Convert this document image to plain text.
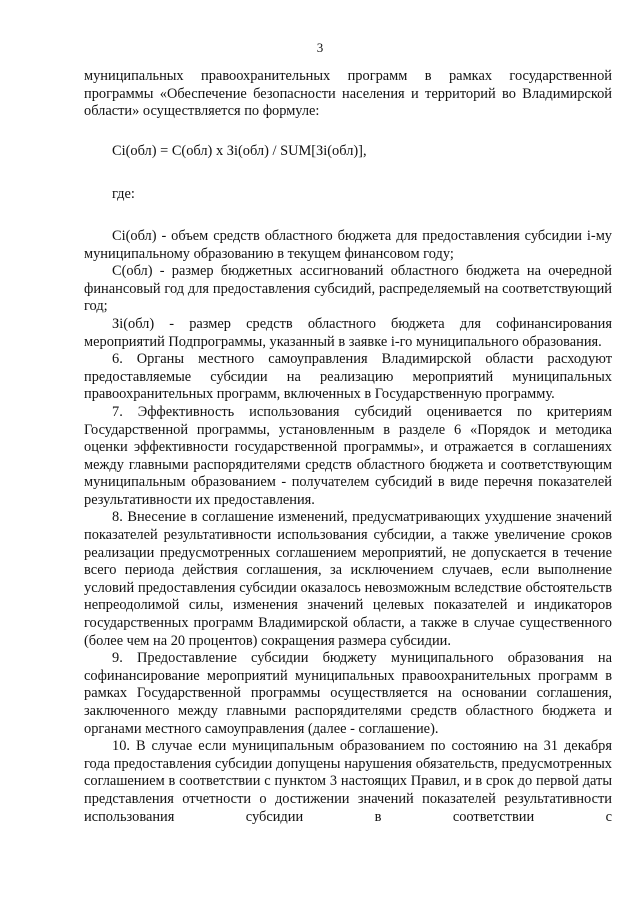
3

муниципальных правоохранительных программ в рамках государственной программы «Обеспечение безопасности населения и территорий во Владимирской области» осуществляется по формуле:

Ci(обл) = C(обл) x Зi(обл) / SUM[Зi(обл)],

где:

Ci(обл) - объем средств областного бюджета для предоставления субсидии i-му муниципальному образованию в текущем финансовом году;

C(обл) - размер бюджетных ассигнований областного бюджета на очередной финансовый год для предоставления субсидий, распределяемый на соответствующий год;

Зi(обл) - размер средств областного бюджета для софинансирования мероприятий Подпрограммы, указанный в заявке i-го муниципального образования.

6. Органы местного самоуправления Владимирской области расходуют предоставляемые субсидии на реализацию мероприятий муниципальных правоохранительных программ, включенных в Государственную программу.

7. Эффективность использования субсидий оценивается по критериям Государственной программы, установленным в разделе 6 «Порядок и методика оценки эффективности государственной программы», и отражается в соглашениях между главными распорядителями средств областного бюджета и соответствующим муниципальным образованием - получателем субсидий в виде перечня показателей результативности их предоставления.

8. Внесение в соглашение изменений, предусматривающих ухудшение значений показателей результативности использования субсидии, а также увеличение сроков реализации предусмотренных соглашением мероприятий, не допускается в течение всего периода действия соглашения, за исключением случаев, если выполнение условий предоставления субсидии оказалось невозможным вследствие обстоятельств непреодолимой силы, изменения значений целевых показателей и индикаторов государственных программ Владимирской области, а также в случае существенного (более чем на 20 процентов) сокращения размера субсидии.

9. Предоставление субсидии бюджету муниципального образования на софинансирование мероприятий муниципальных правоохранительных программ в рамках Государственной программы осуществляется на основании соглашения, заключенного между главными распорядителями средств областного бюджета и органами местного самоуправления (далее - соглашение).

10. В случае если муниципальным образованием по состоянию на 31 декабря года предоставления субсидии допущены нарушения обязательств, предусмотренных соглашением в соответствии с пунктом 3 настоящих Правил, и в срок до первой даты представления отчетности о достижении значений показателей результативности использования субсидии в соответствии с
